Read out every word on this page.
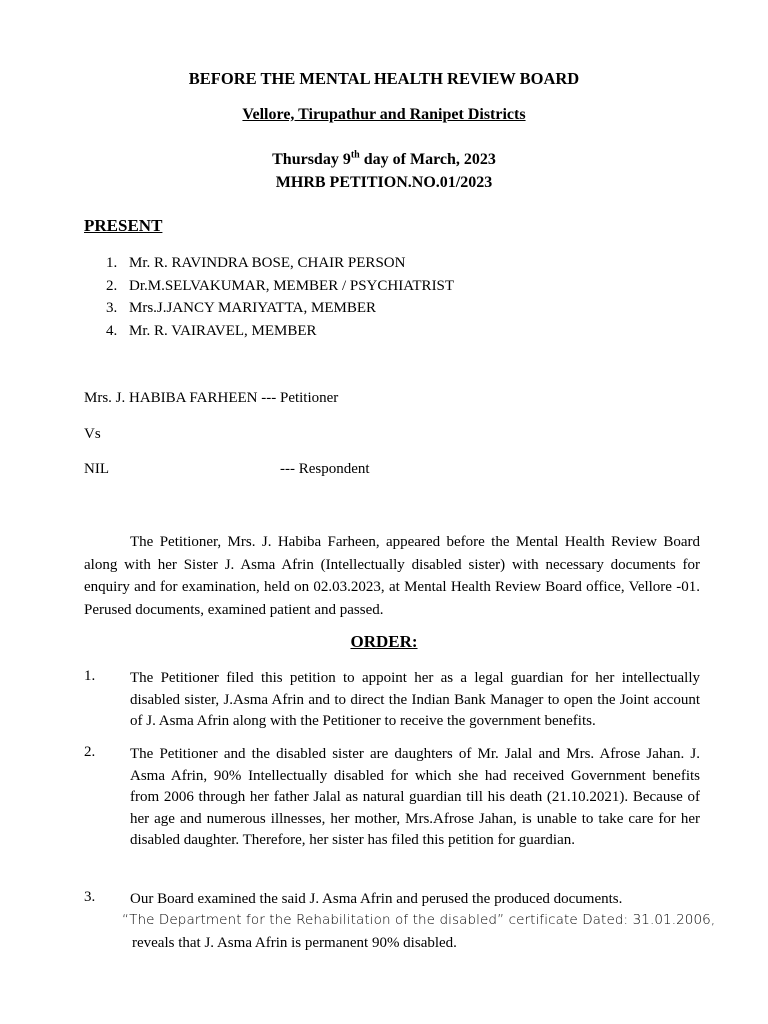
BEFORE THE MENTAL HEALTH REVIEW BOARD
Vellore, Tirupathur and Ranipet Districts
Thursday 9th day of March, 2023
MHRB PETITION.NO.01/2023
PRESENT
1. Mr. R. RAVINDRA BOSE, CHAIR PERSON
2. Dr.M.SELVAKUMAR, MEMBER / PSYCHIATRIST
3. Mrs.J.JANCY MARIYATTA, MEMBER
4. Mr. R. VAIRAVEL, MEMBER
Mrs. J. HABIBA FARHEEN --- Petitioner
Vs
NIL	--- Respondent

The Petitioner, Mrs. J. Habiba Farheen, appeared before the Mental Health Review Board along with her Sister J. Asma Afrin (Intellectually disabled sister) with necessary documents for enquiry and for examination, held on 02.03.2023, at Mental Health Review Board office, Vellore -01. Perused documents, examined patient and passed.

ORDER:
1. The Petitioner filed this petition to appoint her as a legal guardian for her intellectually disabled sister, J.Asma Afrin and to direct the Indian Bank Manager to open the Joint account of J. Asma Afrin along with the Petitioner to receive the government benefits.

2. The Petitioner and the disabled sister are daughters of Mr. Jalal and Mrs. Afrose Jahan. J. Asma Afrin, 90% Intellectually disabled for which she had received Government benefits from 2006 through her father Jalal as natural guardian till his death (21.10.2021). Because of her age and numerous illnesses, her mother, Mrs.Afrose Jahan, is unable to take care for her disabled daughter. Therefore, her sister has filed this petition for guardian.

3. Our Board examined the said J. Asma Afrin and perused the produced documents.

“The Department for the Rehabilitation of the disabled” certificate Dated: 31.01.2006,
reveals that J. Asma Afrin is permanent 90% disabled.
